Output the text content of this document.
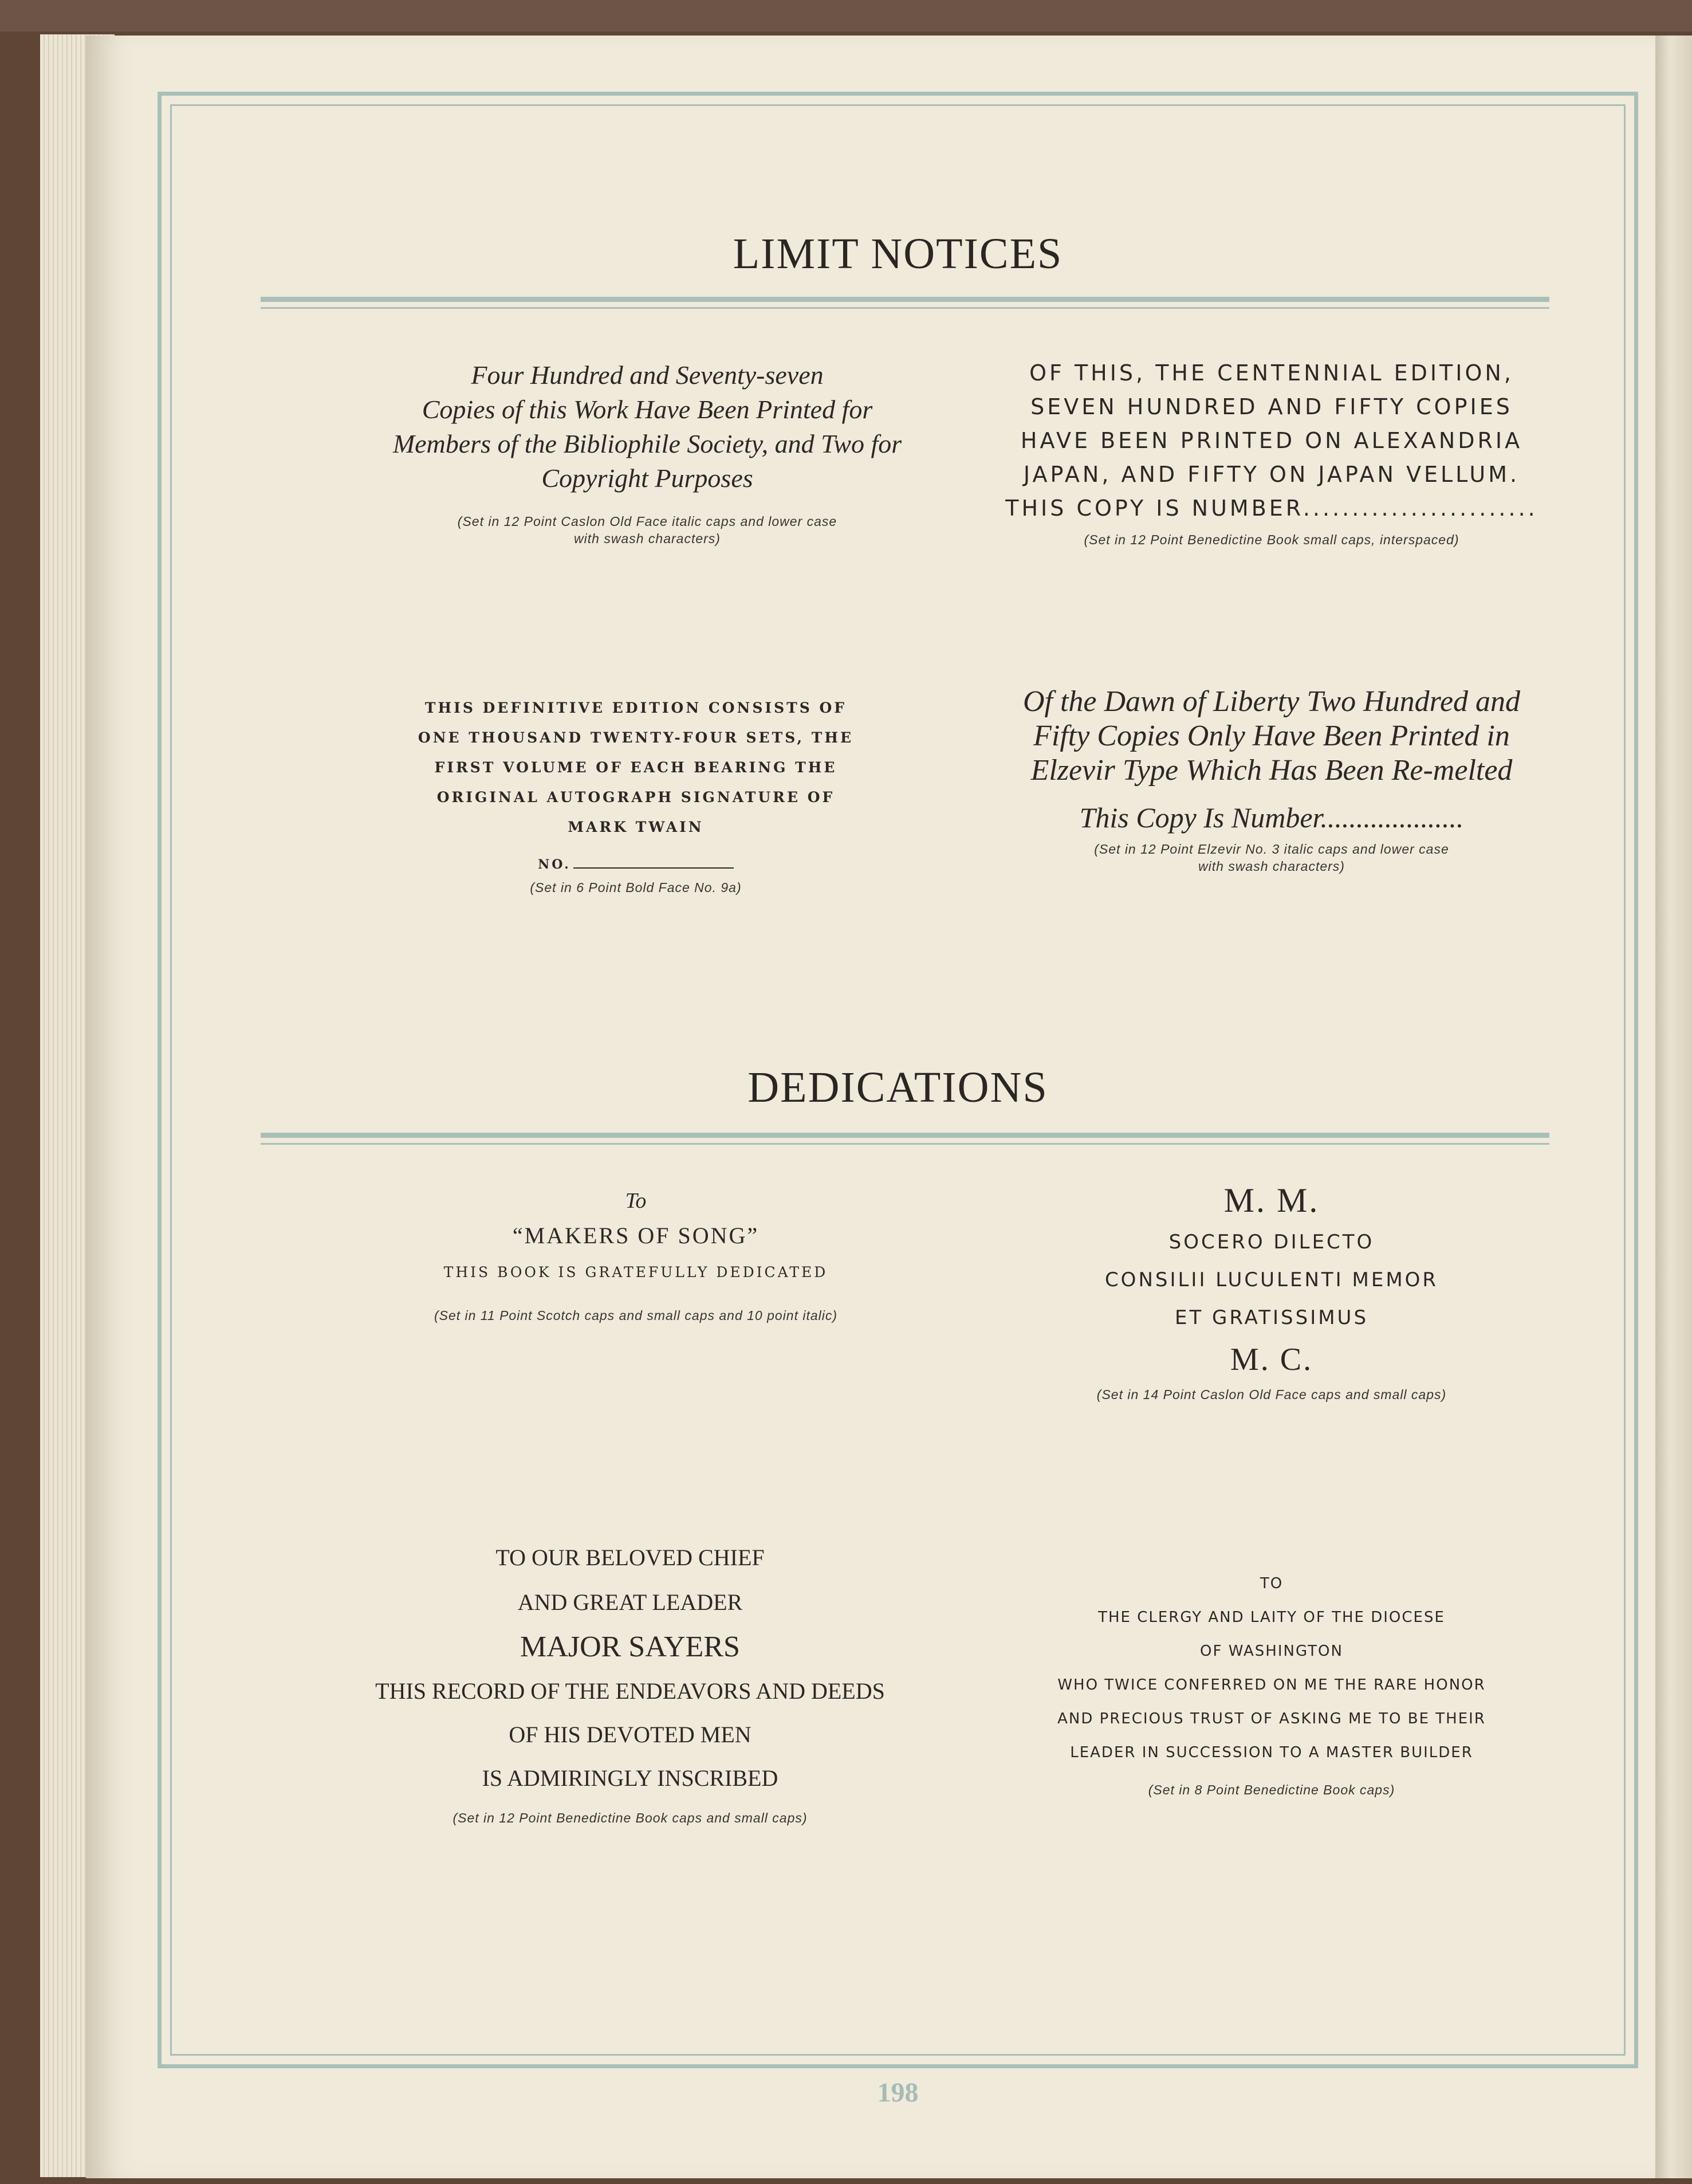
LIMIT NOTICES
Four Hundred and Seventy-seven
Copies of this Work Have Been Printed for
Members of the Bibliophile Society, and Two for
Copyright Purposes
(Set in 12 Point Caslon Old Face italic caps and lower case
with swash characters)
OF THIS, THE CENTENNIAL EDITION,
SEVEN HUNDRED AND FIFTY COPIES
HAVE BEEN PRINTED ON ALEXANDRIA
JAPAN, AND FIFTY ON JAPAN VELLUM.
THIS COPY IS NUMBER........................
(Set in 12 Point Benedictine Book small caps, interspaced)
THIS DEFINITIVE EDITION CONSISTS OF
ONE THOUSAND TWENTY-FOUR SETS, THE
FIRST VOLUME OF EACH BEARING THE
ORIGINAL AUTOGRAPH SIGNATURE OF
MARK TWAIN
NO.
(Set in 6 Point Bold Face No. 9a)
Of the Dawn of Liberty Two Hundred and
Fifty Copies Only Have Been Printed in
Elzevir Type Which Has Been Re-melted
This Copy Is Number....................
(Set in 12 Point Elzevir No. 3 italic caps and lower case
with swash characters)
DEDICATIONS
To
“MAKERS OF SONG”
THIS BOOK IS GRATEFULLY DEDICATED
(Set in 11 Point Scotch caps and small caps and 10 point italic)
M. M.
SOCERO DILECTO
CONSILII LUCULENTI MEMOR
ET GRATISSIMUS
M. C.
(Set in 14 Point Caslon Old Face caps and small caps)
TO OUR BELOVED CHIEF
AND GREAT LEADER
MAJOR SAYERS
THIS RECORD OF THE ENDEAVORS AND DEEDS
OF HIS DEVOTED MEN
IS ADMIRINGLY INSCRIBED
(Set in 12 Point Benedictine Book caps and small caps)
TO
THE CLERGY AND LAITY OF THE DIOCESE
OF WASHINGTON
WHO TWICE CONFERRED ON ME THE RARE HONOR
AND PRECIOUS TRUST OF ASKING ME TO BE THEIR
LEADER IN SUCCESSION TO A MASTER BUILDER
(Set in 8 Point Benedictine Book caps)
198
